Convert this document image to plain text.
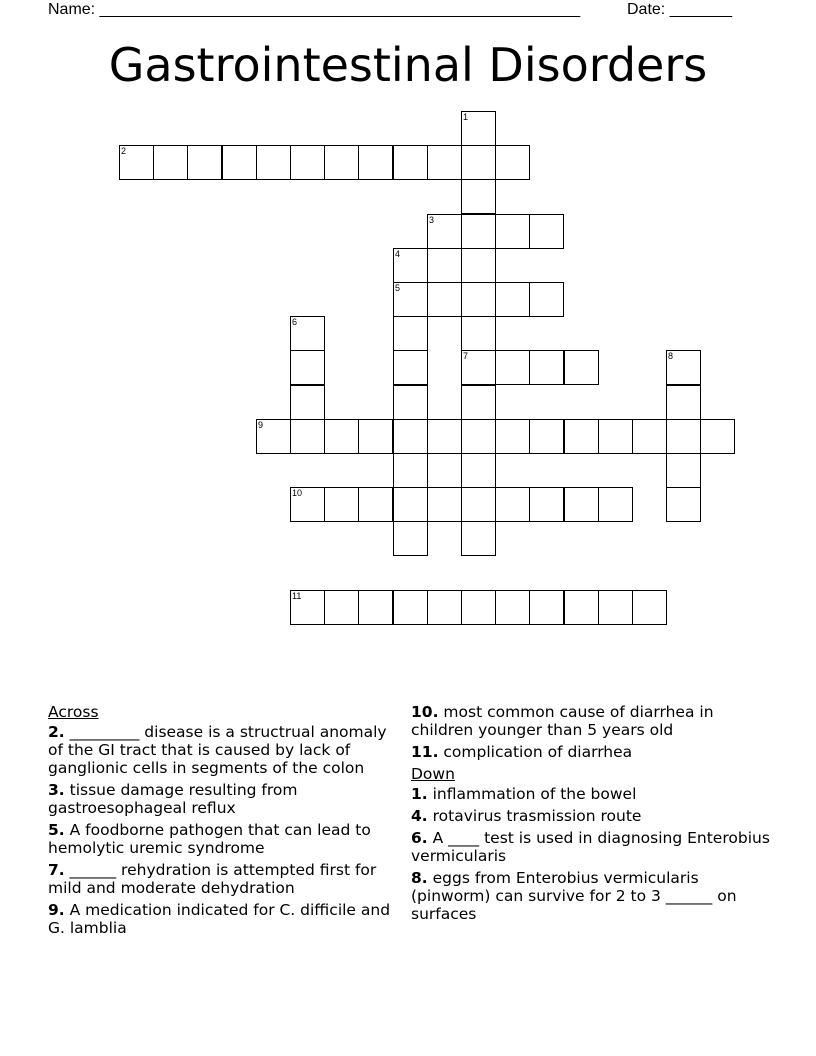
Name: ______________________________________________________	Date: _______
Gastrointestinal Disorders
2
3
5
7
9
10
11
1
4
6
8
Across
2. _________ disease is a structrual anomaly of the GI tract that is caused by lack of ganglionic cells in segments of the colon
3. tissue damage resulting from gastroesophageal reflux
5. A foodborne pathogen that can lead to hemolytic uremic syndrome
7. ______ rehydration is attempted first for mild and moderate dehydration
9. A medication indicated for C. difficile and G. lamblia
10. most common cause of diarrhea in children younger than 5 years old
11. complication of diarrhea
Down
1. inflammation of the bowel
4. rotavirus trasmission route
6. A ____ test is used in diagnosing Enterobius vermicularis
8. eggs from Enterobius vermicularis (pinworm) can survive for 2 to 3 ______ on surfaces
